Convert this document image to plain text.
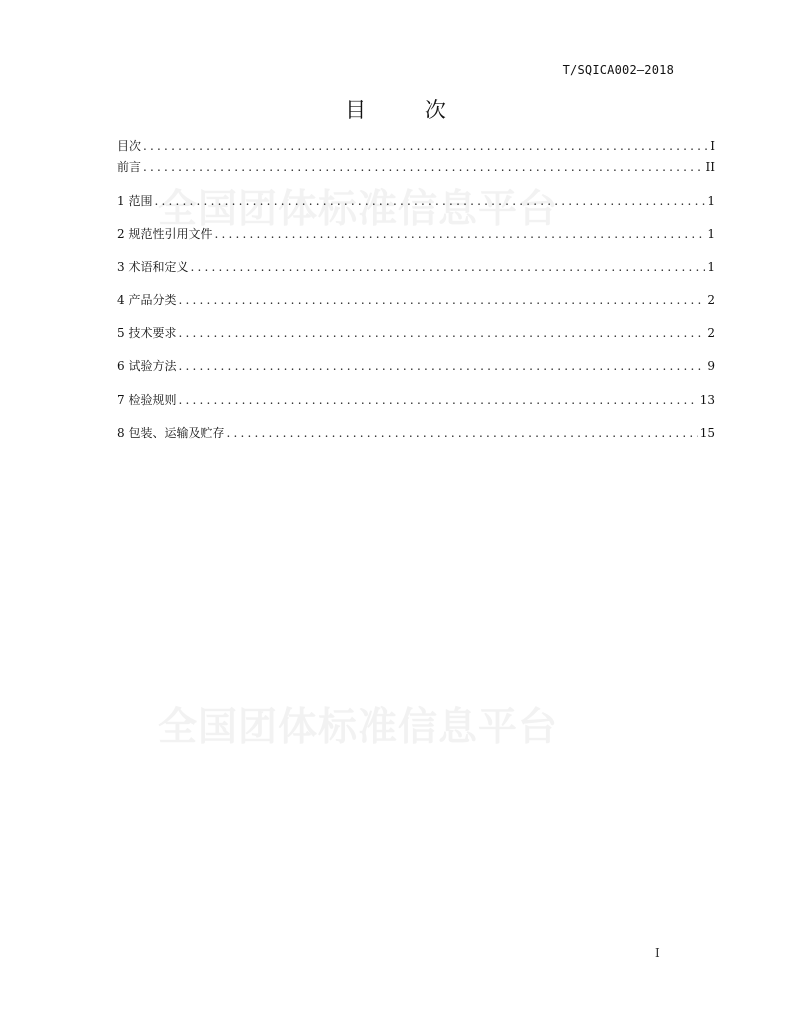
全国团体标准信息平台
全国团体标准信息平台
T/SQICA002—2018
目 次
目次 .....	I
前言 .....	II
1 范围 .....	1
2 规范性引用文件 .....	1
3 术语和定义 .....	1
4 产品分类 .....	2
5 技术要求 .....	2
6 试验方法 .....	9
7 检验规则 .....	13
8 包装、运输及贮存 .....	15
I
